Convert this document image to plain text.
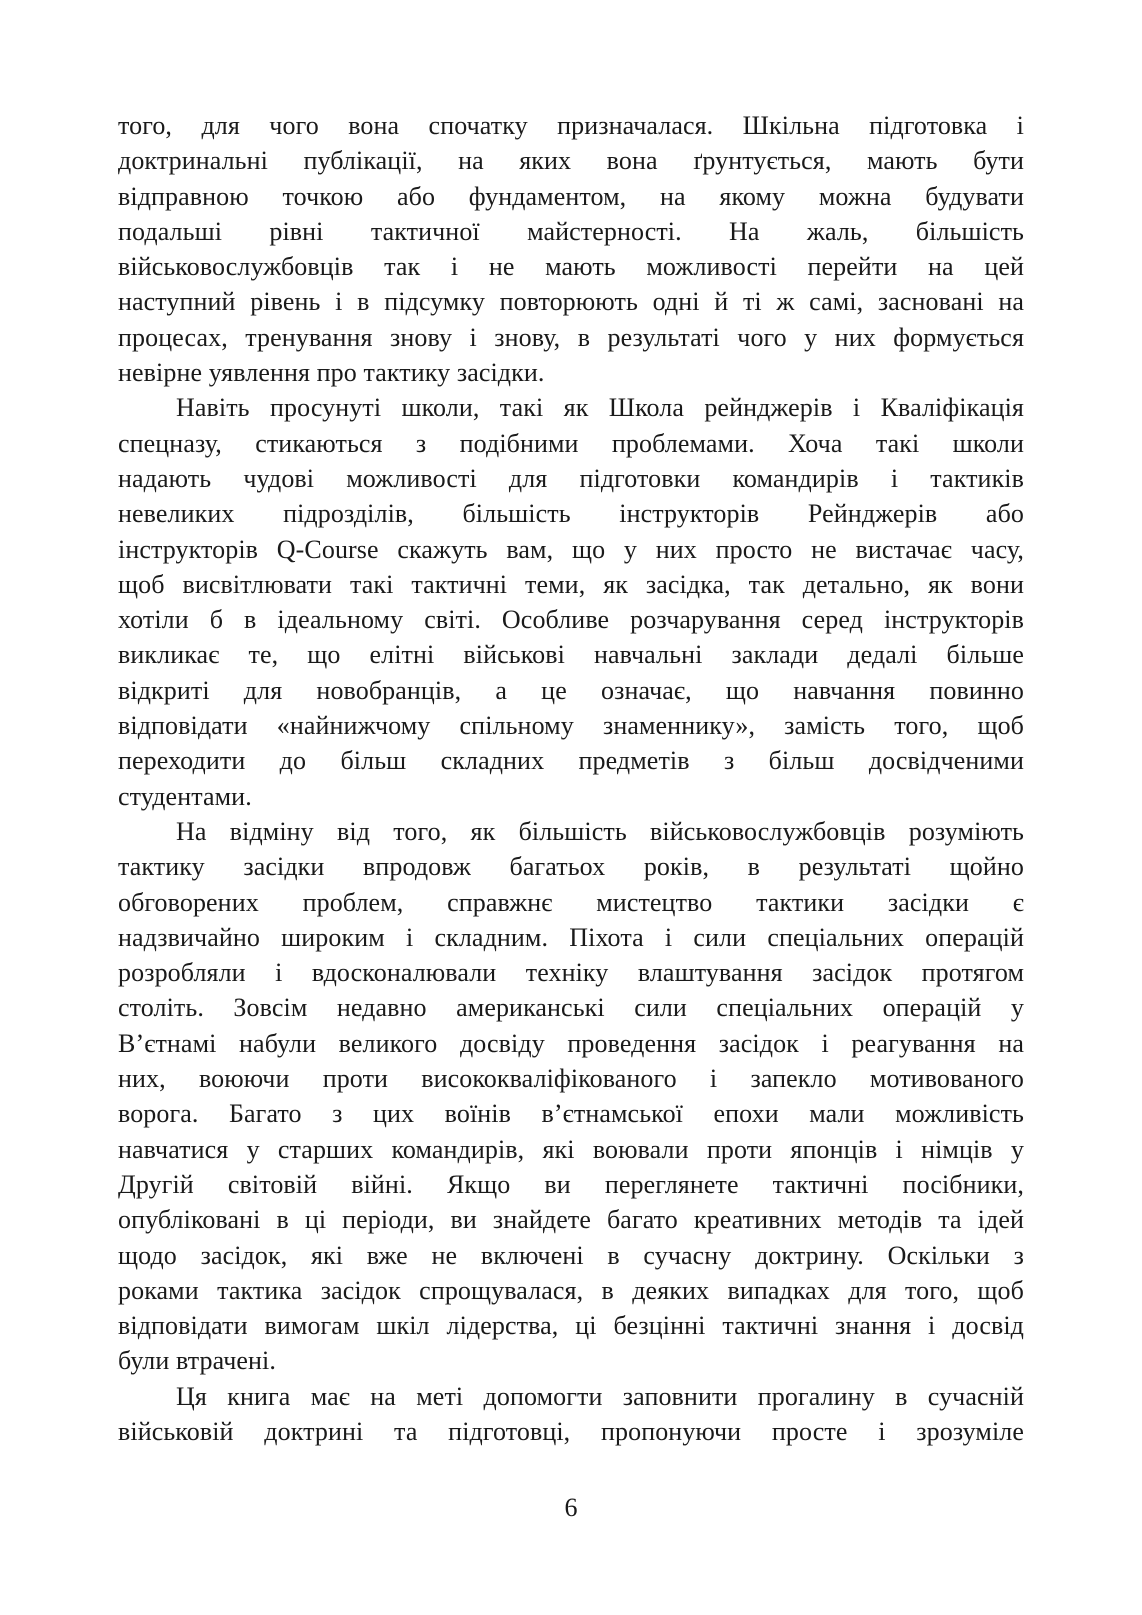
того, для чого вона спочатку призначалася. Шкільна підготовка і
доктринальні публікації, на яких вона ґрунтується, мають бути
відправною точкою або фундаментом, на якому можна будувати
подальші рівні тактичної майстерності. На жаль, більшість
військовослужбовців так і не мають можливості перейти на цей
наступний рівень і в підсумку повторюють одні й ті ж самі, засновані на
процесах, тренування знову і знову, в результаті чого у них формується
невірне уявлення про тактику засідки.
Навіть просунуті школи, такі як Школа рейнджерів і Кваліфікація
спецназу, стикаються з подібними проблемами. Хоча такі школи
надають чудові можливості для підготовки командирів і тактиків
невеликих підрозділів, більшість інструкторів Рейнджерів або
інструкторів Q-Course скажуть вам, що у них просто не вистачає часу,
щоб висвітлювати такі тактичні теми, як засідка, так детально, як вони
хотіли б в ідеальному світі. Особливе розчарування серед інструкторів
викликає те, що елітні військові навчальні заклади дедалі більше
відкриті для новобранців, а це означає, що навчання повинно
відповідати «найнижчому спільному знаменнику», замість того, щоб
переходити до більш складних предметів з більш досвідченими
студентами.
На відміну від того, як більшість військовослужбовців розуміють
тактику засідки впродовж багатьох років, в результаті щойно
обговорених проблем, справжнє мистецтво тактики засідки є
надзвичайно широким і складним. Піхота і сили спеціальних операцій
розробляли і вдосконалювали техніку влаштування засідок протягом
століть. Зовсім недавно американські сили спеціальних операцій у
В’єтнамі набули великого досвіду проведення засідок і реагування на
них, воюючи проти висококваліфікованого і запекло мотивованого
ворога. Багато з цих воїнів в’єтнамської епохи мали можливість
навчатися у старших командирів, які воювали проти японців і німців у
Другій світовій війні. Якщо ви переглянете тактичні посібники,
опубліковані в ці періоди, ви знайдете багато креативних методів та ідей
щодо засідок, які вже не включені в сучасну доктрину. Оскільки з
роками тактика засідок спрощувалася, в деяких випадках для того, щоб
відповідати вимогам шкіл лідерства, ці безцінні тактичні знання і досвід
були втрачені.
Ця книга має на меті допомогти заповнити прогалину в сучасній
військовій доктрині та підготовці, пропонуючи просте і зрозуміле
6
